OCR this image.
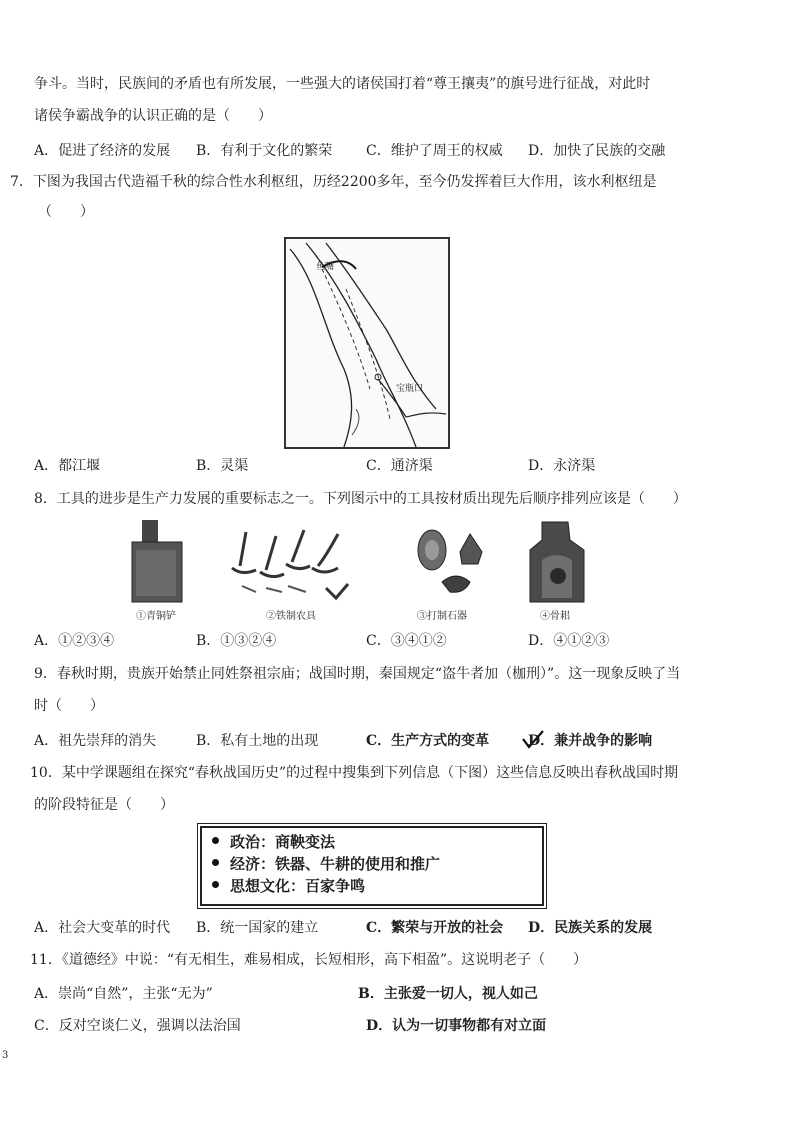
争斗。当时，民族间的矛盾也有所发展，一些强大的诸侯国打着“尊王攘夷”的旗号进行征战，对此时
诸侯争霸战争的认识正确的是（　　）
A．促进了经济的发展 B．有利于文化的繁荣 C．维护了周王的权威 D．加快了民族的交融
7．下图为我国古代造福千秋的综合性水利枢纽，历经2200多年，至今仍发挥着巨大作用，该水利枢纽是
（　　）
鱼嘴
宝瓶口
A．都江堰	B．灵渠	C．通济渠	D．永济渠
8．工具的进步是生产力发展的重要标志之一。下列图示中的工具按材质出现先后顺序排列应该是（　　）
①青铜铲	②铁制农具	③打制石器	④骨耜
A．①②③④	B．①③②④	C．③④①②	D．④①②③
9．春秋时期，贵族开始禁止同姓祭祖宗庙；战国时期，秦国规定“盗牛者加（枷刑）”。这一现象反映了当
时（　　）
A．祖先崇拜的消失	B．私有土地的出现	C．生产方式的变革	D．兼并战争的影响
10．某中学课题组在探究“春秋战国历史”的过程中搜集到下列信息（下图）这些信息反映出春秋战国时期
的阶段特征是（　　）
政治：商鞅变法
经济：铁器、牛耕的使用和推广
思想文化：百家争鸣
A．社会大变革的时代 B．统一国家的建立	C．繁荣与开放的社会 D．民族关系的发展
11．《道德经》中说：“有无相生，难易相成，长短相形，高下相盈”。这说明老子（　　）
A．崇尚“自然”，主张“无为”	B．主张爱一切人，视人如己
C．反对空谈仁义，强调以法治国	D．认为一切事物都有对立面
3
